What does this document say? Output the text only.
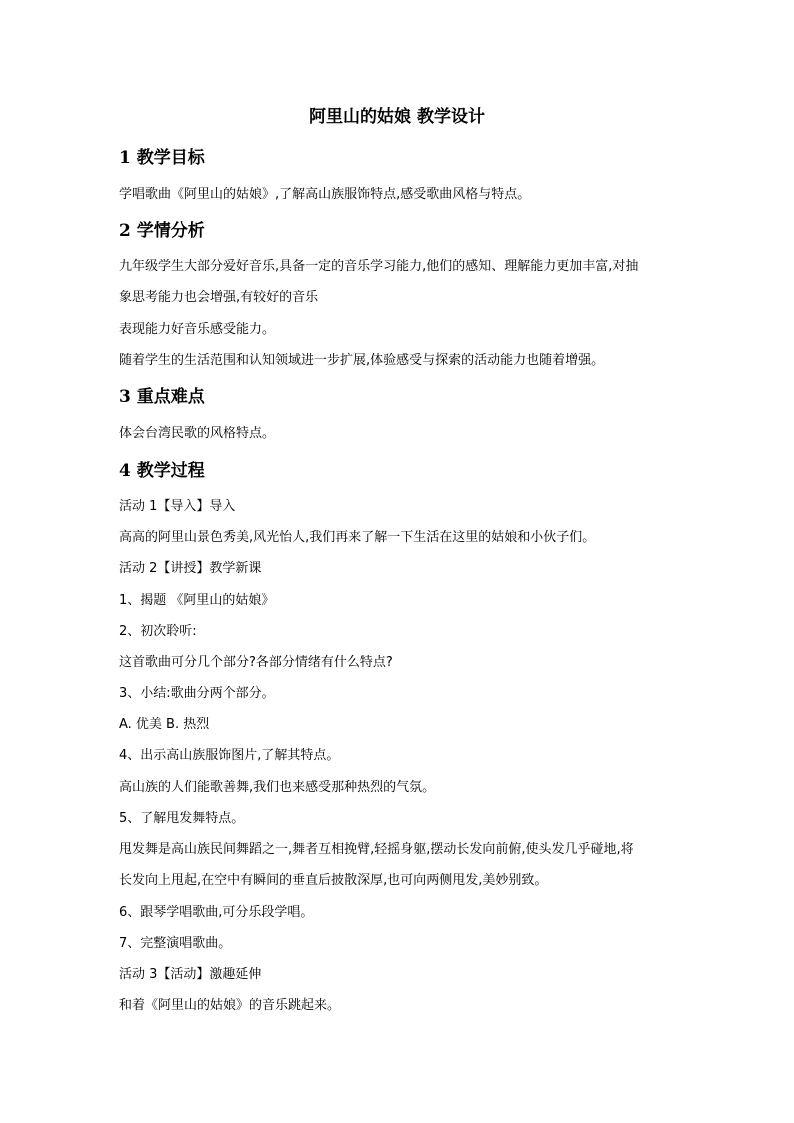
阿里山的姑娘 教学设计
1 教学目标
学唱歌曲《阿里山的姑娘》,了解高山族服饰特点,感受歌曲风格与特点。
2 学情分析
九年级学生大部分爱好音乐,具备一定的音乐学习能力,他们的感知、理解能力更加丰富,对抽
象思考能力也会增强,有较好的音乐
表现能力好音乐感受能力。
随着学生的生活范围和认知领域进一步扩展,体验感受与探索的活动能力也随着增强。
3 重点难点
体会台湾民歌的风格特点。
4 教学过程
活动 1【导入】导入
高高的阿里山景色秀美,风光怡人,我们再来了解一下生活在这里的姑娘和小伙子们。
活动 2【讲授】教学新课
1、揭题 《阿里山的姑娘》
2、初次聆听:
这首歌曲可分几个部分?各部分情绪有什么特点?
3、小结:歌曲分两个部分。
A. 优美 B. 热烈
4、出示高山族服饰图片,了解其特点。
高山族的人们能歌善舞,我们也来感受那种热烈的气氛。
5、了解甩发舞特点。
甩发舞是高山族民间舞蹈之一,舞者互相挽臂,轻摇身躯,摆动长发向前俯,使头发几乎碰地,将
长发向上甩起,在空中有瞬间的垂直后披散深厚,也可向两侧甩发,美妙别致。
6、跟琴学唱歌曲,可分乐段学唱。
7、完整演唱歌曲。
活动 3【活动】激趣延伸
和着《阿里山的姑娘》的音乐跳起来。
